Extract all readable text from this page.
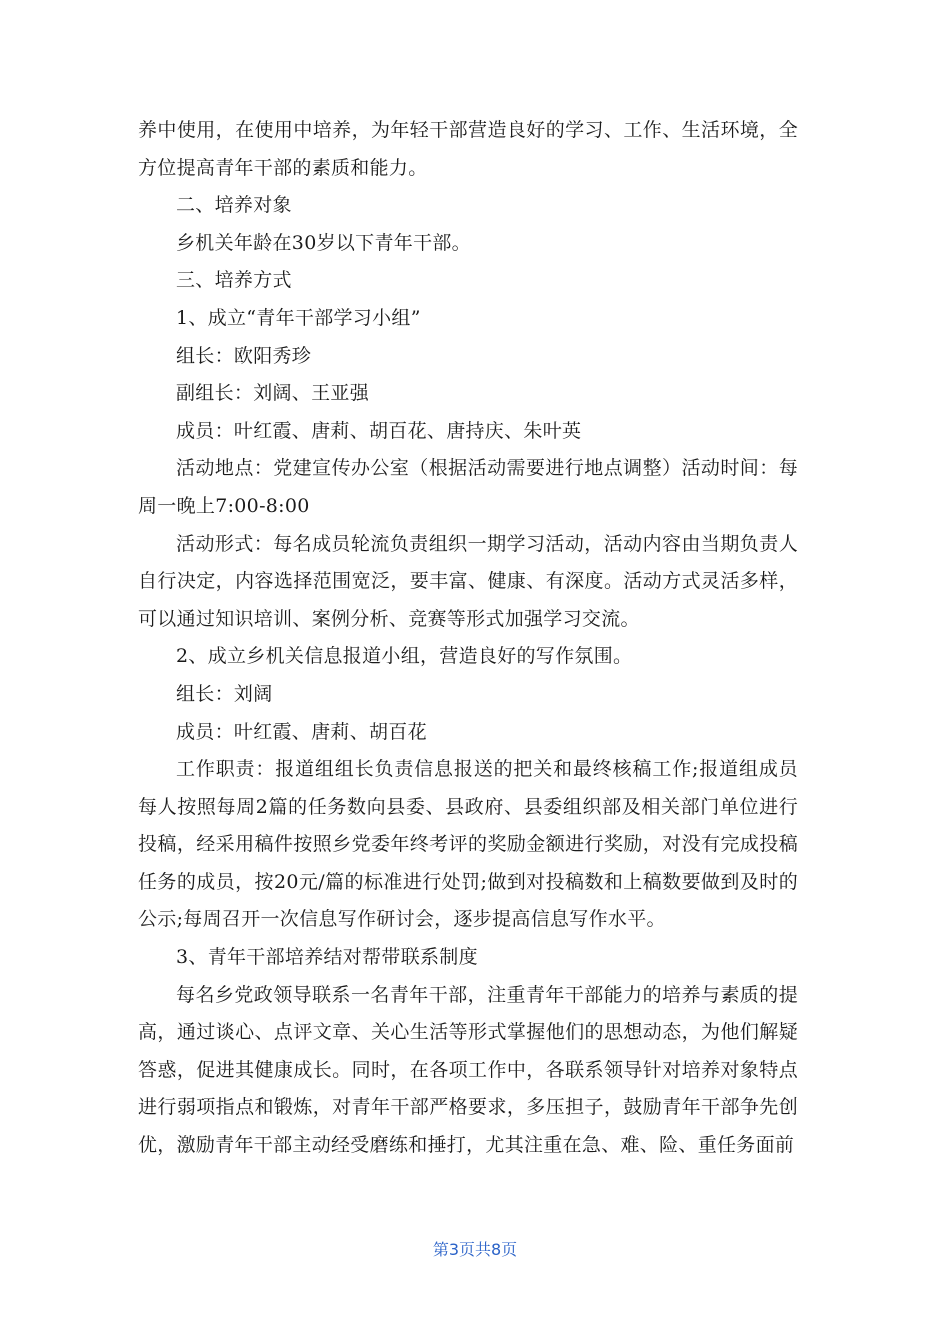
养中使用，在使用中培养，为年轻干部营造良好的学习、工作、生活环境，全方位提高青年干部的素质和能力。

二、培养对象

乡机关年龄在30岁以下青年干部。

三、培养方式

1、成立“青年干部学习小组”

组长：欧阳秀珍

副组长：刘阔、王亚强

成员：叶红霞、唐莉、胡百花、唐持庆、朱叶英

活动地点：党建宣传办公室（根据活动需要进行地点调整）活动时间：每周一晚上7:00-8:00

活动形式：每名成员轮流负责组织一期学习活动，活动内容由当期负责人自行决定，内容选择范围宽泛，要丰富、健康、有深度。活动方式灵活多样，可以通过知识培训、案例分析、竞赛等形式加强学习交流。

2、成立乡机关信息报道小组，营造良好的写作氛围。

组长：刘阔

成员：叶红霞、唐莉、胡百花

工作职责：报道组组长负责信息报送的把关和最终核稿工作;报道组成员每人按照每周2篇的任务数向县委、县政府、县委组织部及相关部门单位进行投稿，经采用稿件按照乡党委年终考评的奖励金额进行奖励，对没有完成投稿任务的成员，按20元/篇的标准进行处罚;做到对投稿数和上稿数要做到及时的公示;每周召开一次信息写作研讨会，逐步提高信息写作水平。

3、青年干部培养结对帮带联系制度

每名乡党政领导联系一名青年干部，注重青年干部能力的培养与素质的提高，通过谈心、点评文章、关心生活等形式掌握他们的思想动态，为他们解疑答惑，促进其健康成长。同时，在各项工作中，各联系领导针对培养对象特点进行弱项指点和锻炼，对青年干部严格要求，多压担子，鼓励青年干部争先创优，激励青年干部主动经受磨练和捶打，尤其注重在急、难、险、重任务面前

第3页共8页
